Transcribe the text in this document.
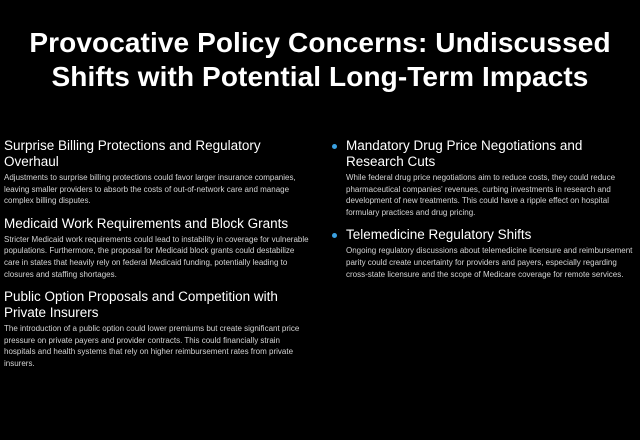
Provocative Policy Concerns: Undiscussed Shifts with Potential Long-Term Impacts
Surprise Billing Protections and Regulatory Overhaul

Adjustments to surprise billing protections could favor larger insurance companies, leaving smaller providers to absorb the costs of out-of-network care and manage complex billing disputes.

Medicaid Work Requirements and Block Grants

Stricter Medicaid work requirements could lead to instability in coverage for vulnerable populations. Furthermore, the proposal for Medicaid block grants could destabilize care in states that heavily rely on federal Medicaid funding, potentially leading to closures and staffing shortages.

Public Option Proposals and Competition with Private Insurers

The introduction of a public option could lower premiums but create significant price pressure on private payers and provider contracts. This could financially strain hospitals and health systems that rely on higher reimbursement rates from private insurers.

Mandatory Drug Price Negotiations and Research Cuts

While federal drug price negotiations aim to reduce costs, they could reduce pharmaceutical companies' revenues, curbing investments in research and development of new treatments. This could have a ripple effect on hospital formulary practices and drug pricing.

Telemedicine Regulatory Shifts

Ongoing regulatory discussions about telemedicine licensure and reimbursement parity could create uncertainty for providers and payers, especially regarding cross-state licensure and the scope of Medicare coverage for remote services.
